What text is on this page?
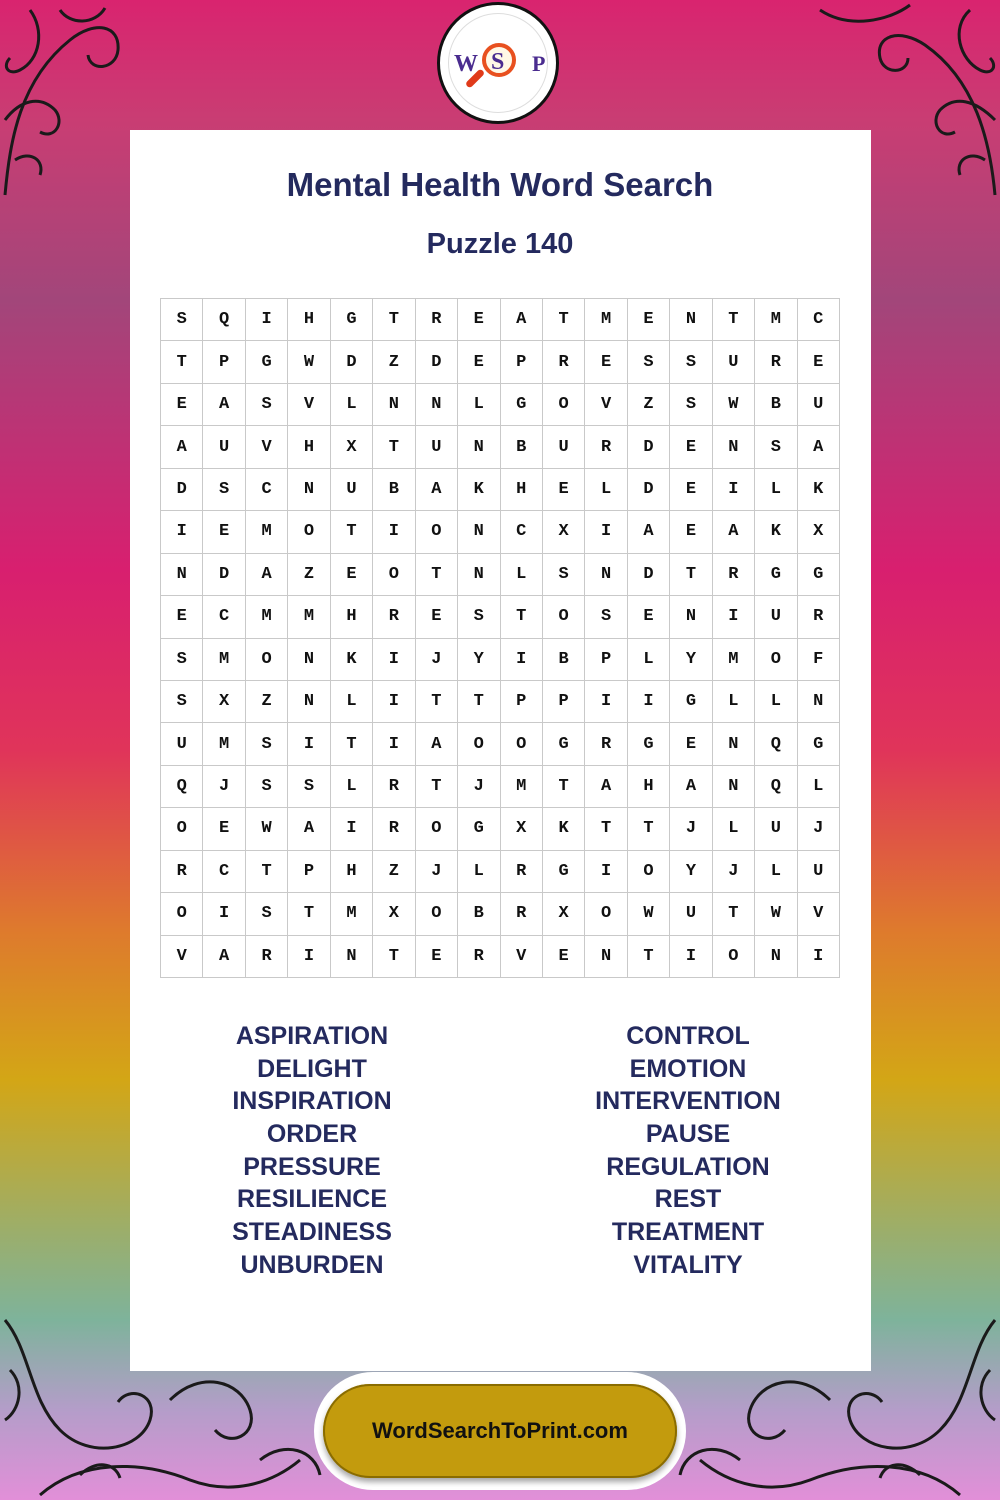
W S P
Mental Health Word Search
Puzzle 140
S	Q	I	H	G	T	R	E	A	T	M	E	N	T	M	C
T	P	G	W	D	Z	D	E	P	R	E	S	S	U	R	E
E	A	S	V	L	N	N	L	G	O	V	Z	S	W	B	U
A	U	V	H	X	T	U	N	B	U	R	D	E	N	S	A
D	S	C	N	U	B	A	K	H	E	L	D	E	I	L	K
I	E	M	O	T	I	O	N	C	X	I	A	E	A	K	X
N	D	A	Z	E	O	T	N	L	S	N	D	T	R	G	G
E	C	M	M	H	R	E	S	T	O	S	E	N	I	U	R
S	M	O	N	K	I	J	Y	I	B	P	L	Y	M	O	F
S	X	Z	N	L	I	T	T	P	P	I	I	G	L	L	N
U	M	S	I	T	I	A	O	O	G	R	G	E	N	Q	G
Q	J	S	S	L	R	T	J	M	T	A	H	A	N	Q	L
O	E	W	A	I	R	O	G	X	K	T	T	J	L	U	J
R	C	T	P	H	Z	J	L	R	G	I	O	Y	J	L	U
O	I	S	T	M	X	O	B	R	X	O	W	U	T	W	V
V	A	R	I	N	T	E	R	V	E	N	T	I	O	N	I
ASPIRATION
DELIGHT
INSPIRATION
ORDER
PRESSURE
RESILIENCE
STEADINESS
UNBURDEN
CONTROL
EMOTION
INTERVENTION
PAUSE
REGULATION
REST
TREATMENT
VITALITY
WordSearchToPrint.com
